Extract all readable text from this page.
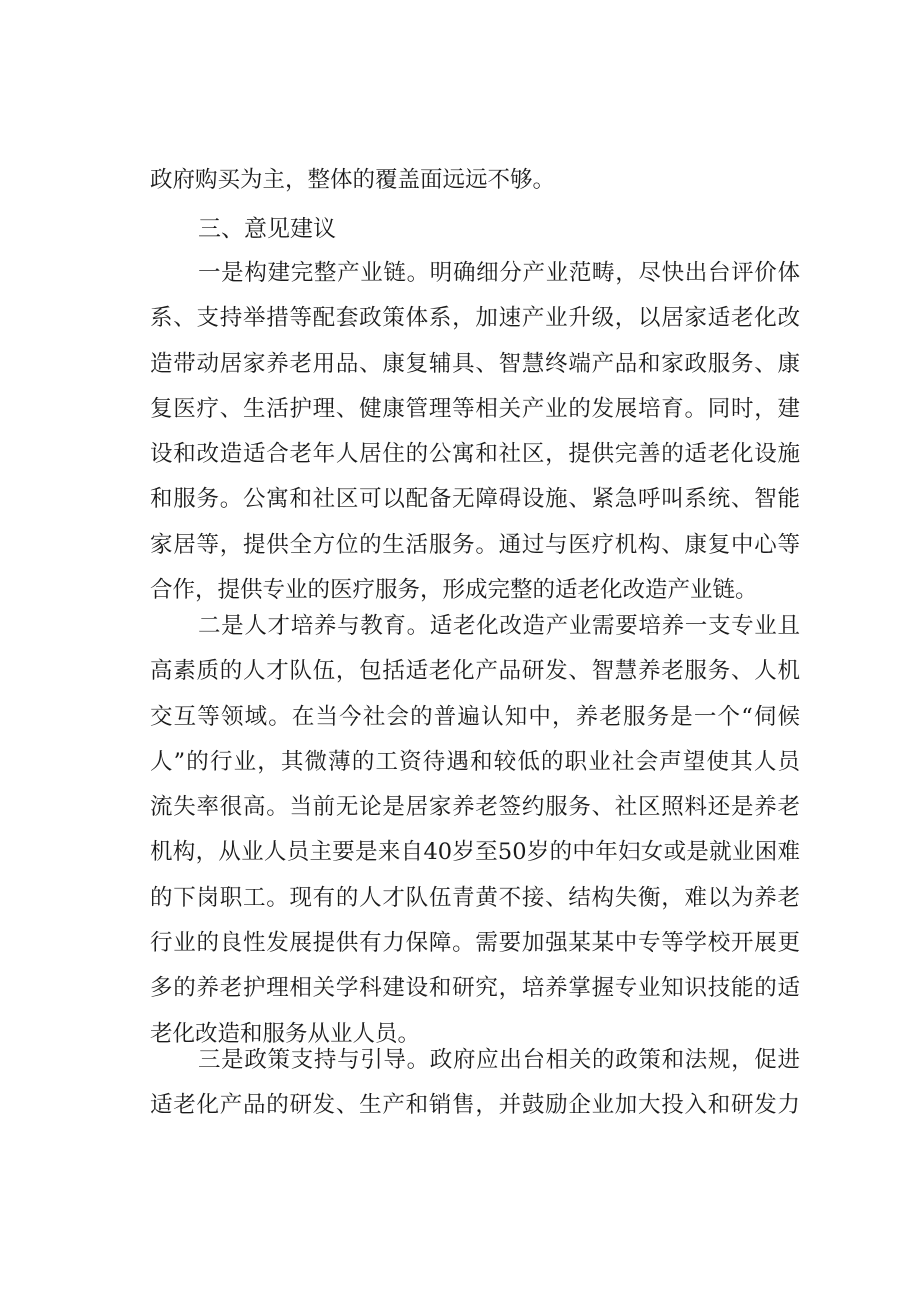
政府购买为主，整体的覆盖面远远不够。
三、意见建议
一是构建完整产业链。明确细分产业范畴，尽快出台评价体
系、支持举措等配套政策体系，加速产业升级，以居家适老化改
造带动居家养老用品、康复辅具、智慧终端产品和家政服务、康
复医疗、生活护理、健康管理等相关产业的发展培育。同时，建
设和改造适合老年人居住的公寓和社区，提供完善的适老化设施
和服务。公寓和社区可以配备无障碍设施、紧急呼叫系统、智能
家居等，提供全方位的生活服务。通过与医疗机构、康复中心等
合作，提供专业的医疗服务，形成完整的适老化改造产业链。
二是人才培养与教育。适老化改造产业需要培养一支专业且
高素质的人才队伍，包括适老化产品研发、智慧养老服务、人机
交互等领域。在当今社会的普遍认知中，养老服务是一个“伺候
人”的行业，其微薄的工资待遇和较低的职业社会声望使其人员
流失率很高。当前无论是居家养老签约服务、社区照料还是养老
机构，从业人员主要是来自40岁至50岁的中年妇女或是就业困难
的下岗职工。现有的人才队伍青黄不接、结构失衡，难以为养老
行业的良性发展提供有力保障。需要加强某某中专等学校开展更
多的养老护理相关学科建设和研究，培养掌握专业知识技能的适
老化改造和服务从业人员。
三是政策支持与引导。政府应出台相关的政策和法规，促进
适老化产品的研发、生产和销售，并鼓励企业加大投入和研发力
